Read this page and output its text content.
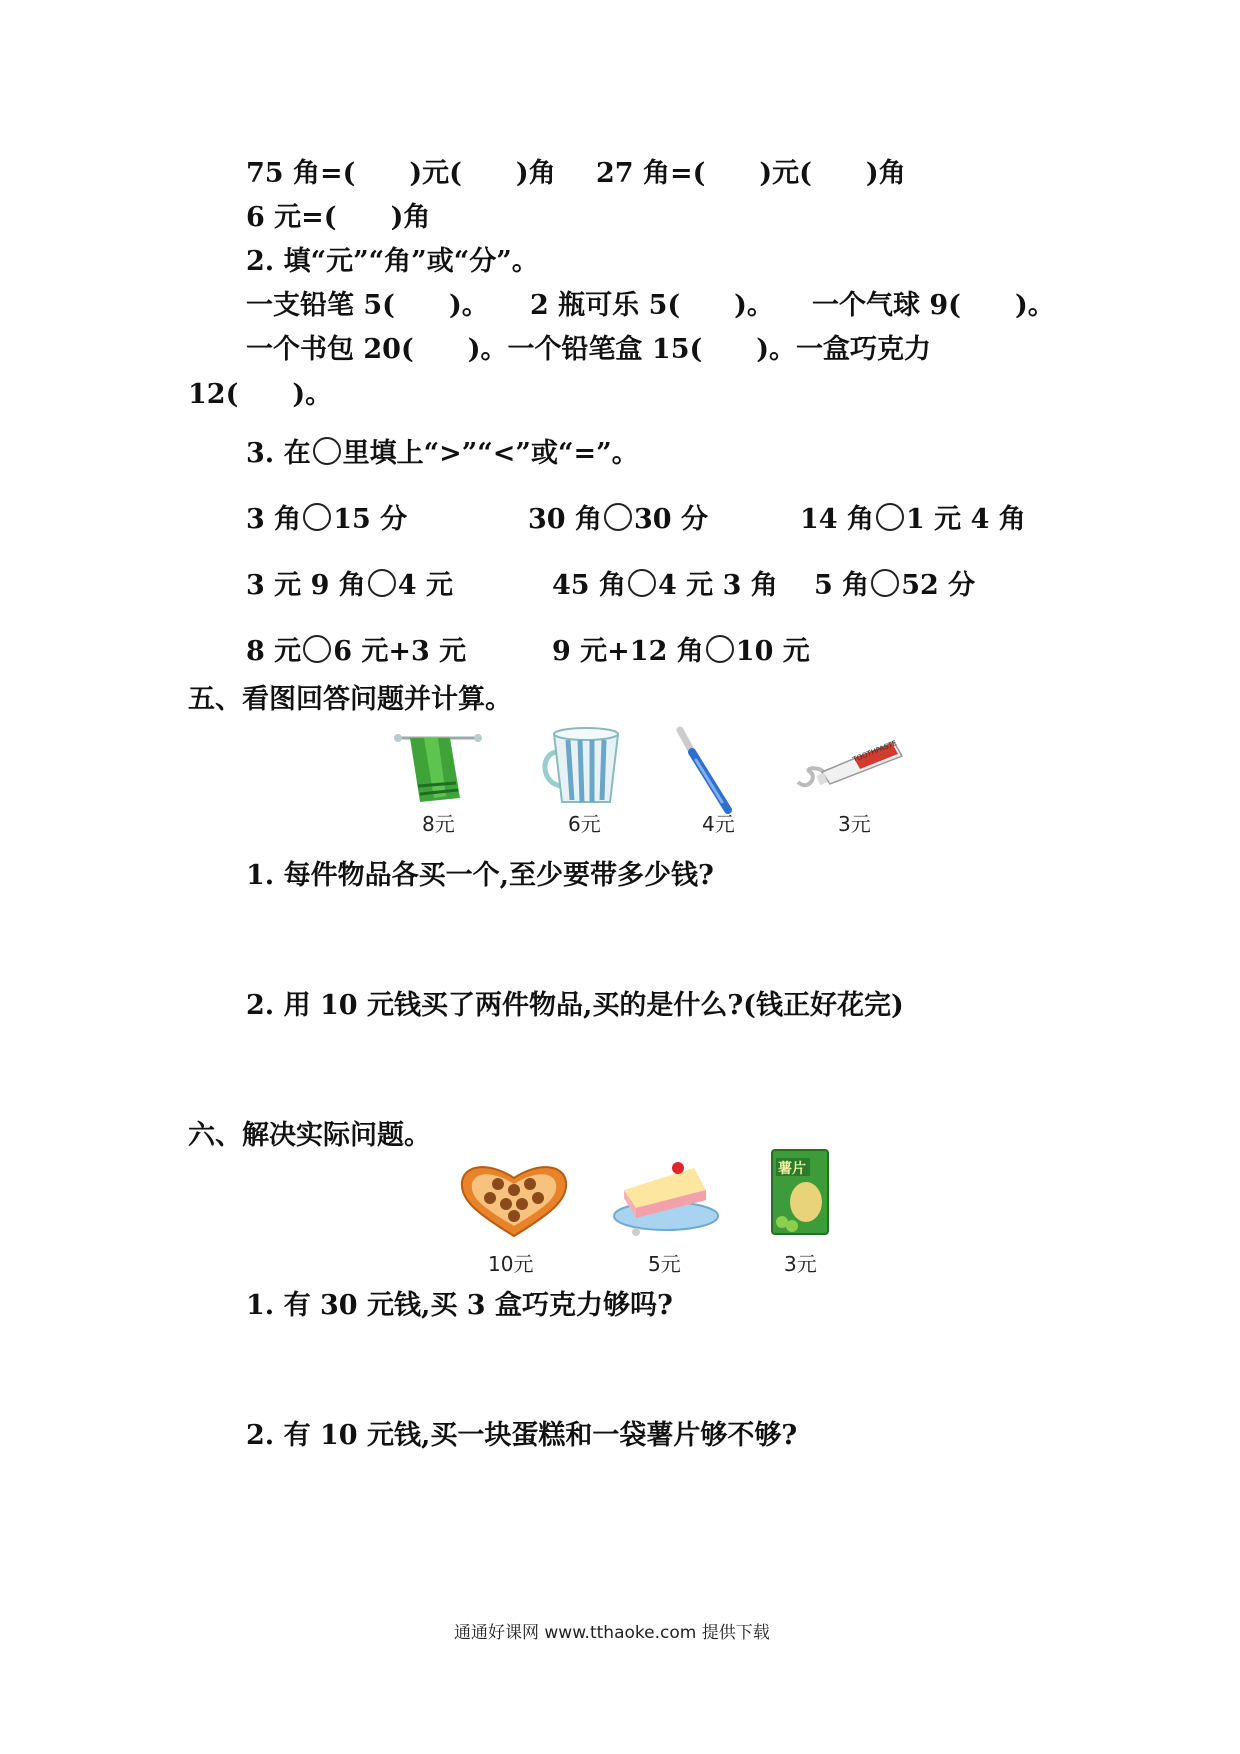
75 角=(　　)元(　　)角 27 角=(　　)元(　　)角
6 元=(　　)角
2. 填“元”“角”或“分”。
一支铅笔 5(　　)。 2 瓶可乐 5(　　)。 一个气球 9(　　)。
一个书包 20(　　)。一个铅笔盒 15(　　)。一盒巧克力
12(　　)。
3. 在 里填上“>”“<”或“=”。
3 角 15 分	30 角 30 分	14 角 1 元 4 角
3 元 9 角 4 元	45 角 4 元 3 角 5 角 52 分
8 元 6 元+3 元	9 元+12 角 10 元
五、看图回答问题并计算。
TOOTHPASTE
8元	6元	4元	3元
1. 每件物品各买一个,至少要带多少钱?
2. 用 10 元钱买了两件物品,买的是什么?(钱正好花完)
六、解决实际问题。
薯片
10元	5元	3元
1. 有 30 元钱,买 3 盒巧克力够吗?
2. 有 10 元钱,买一块蛋糕和一袋薯片够不够?
通通好课网 www.tthaoke.com 提供下载
